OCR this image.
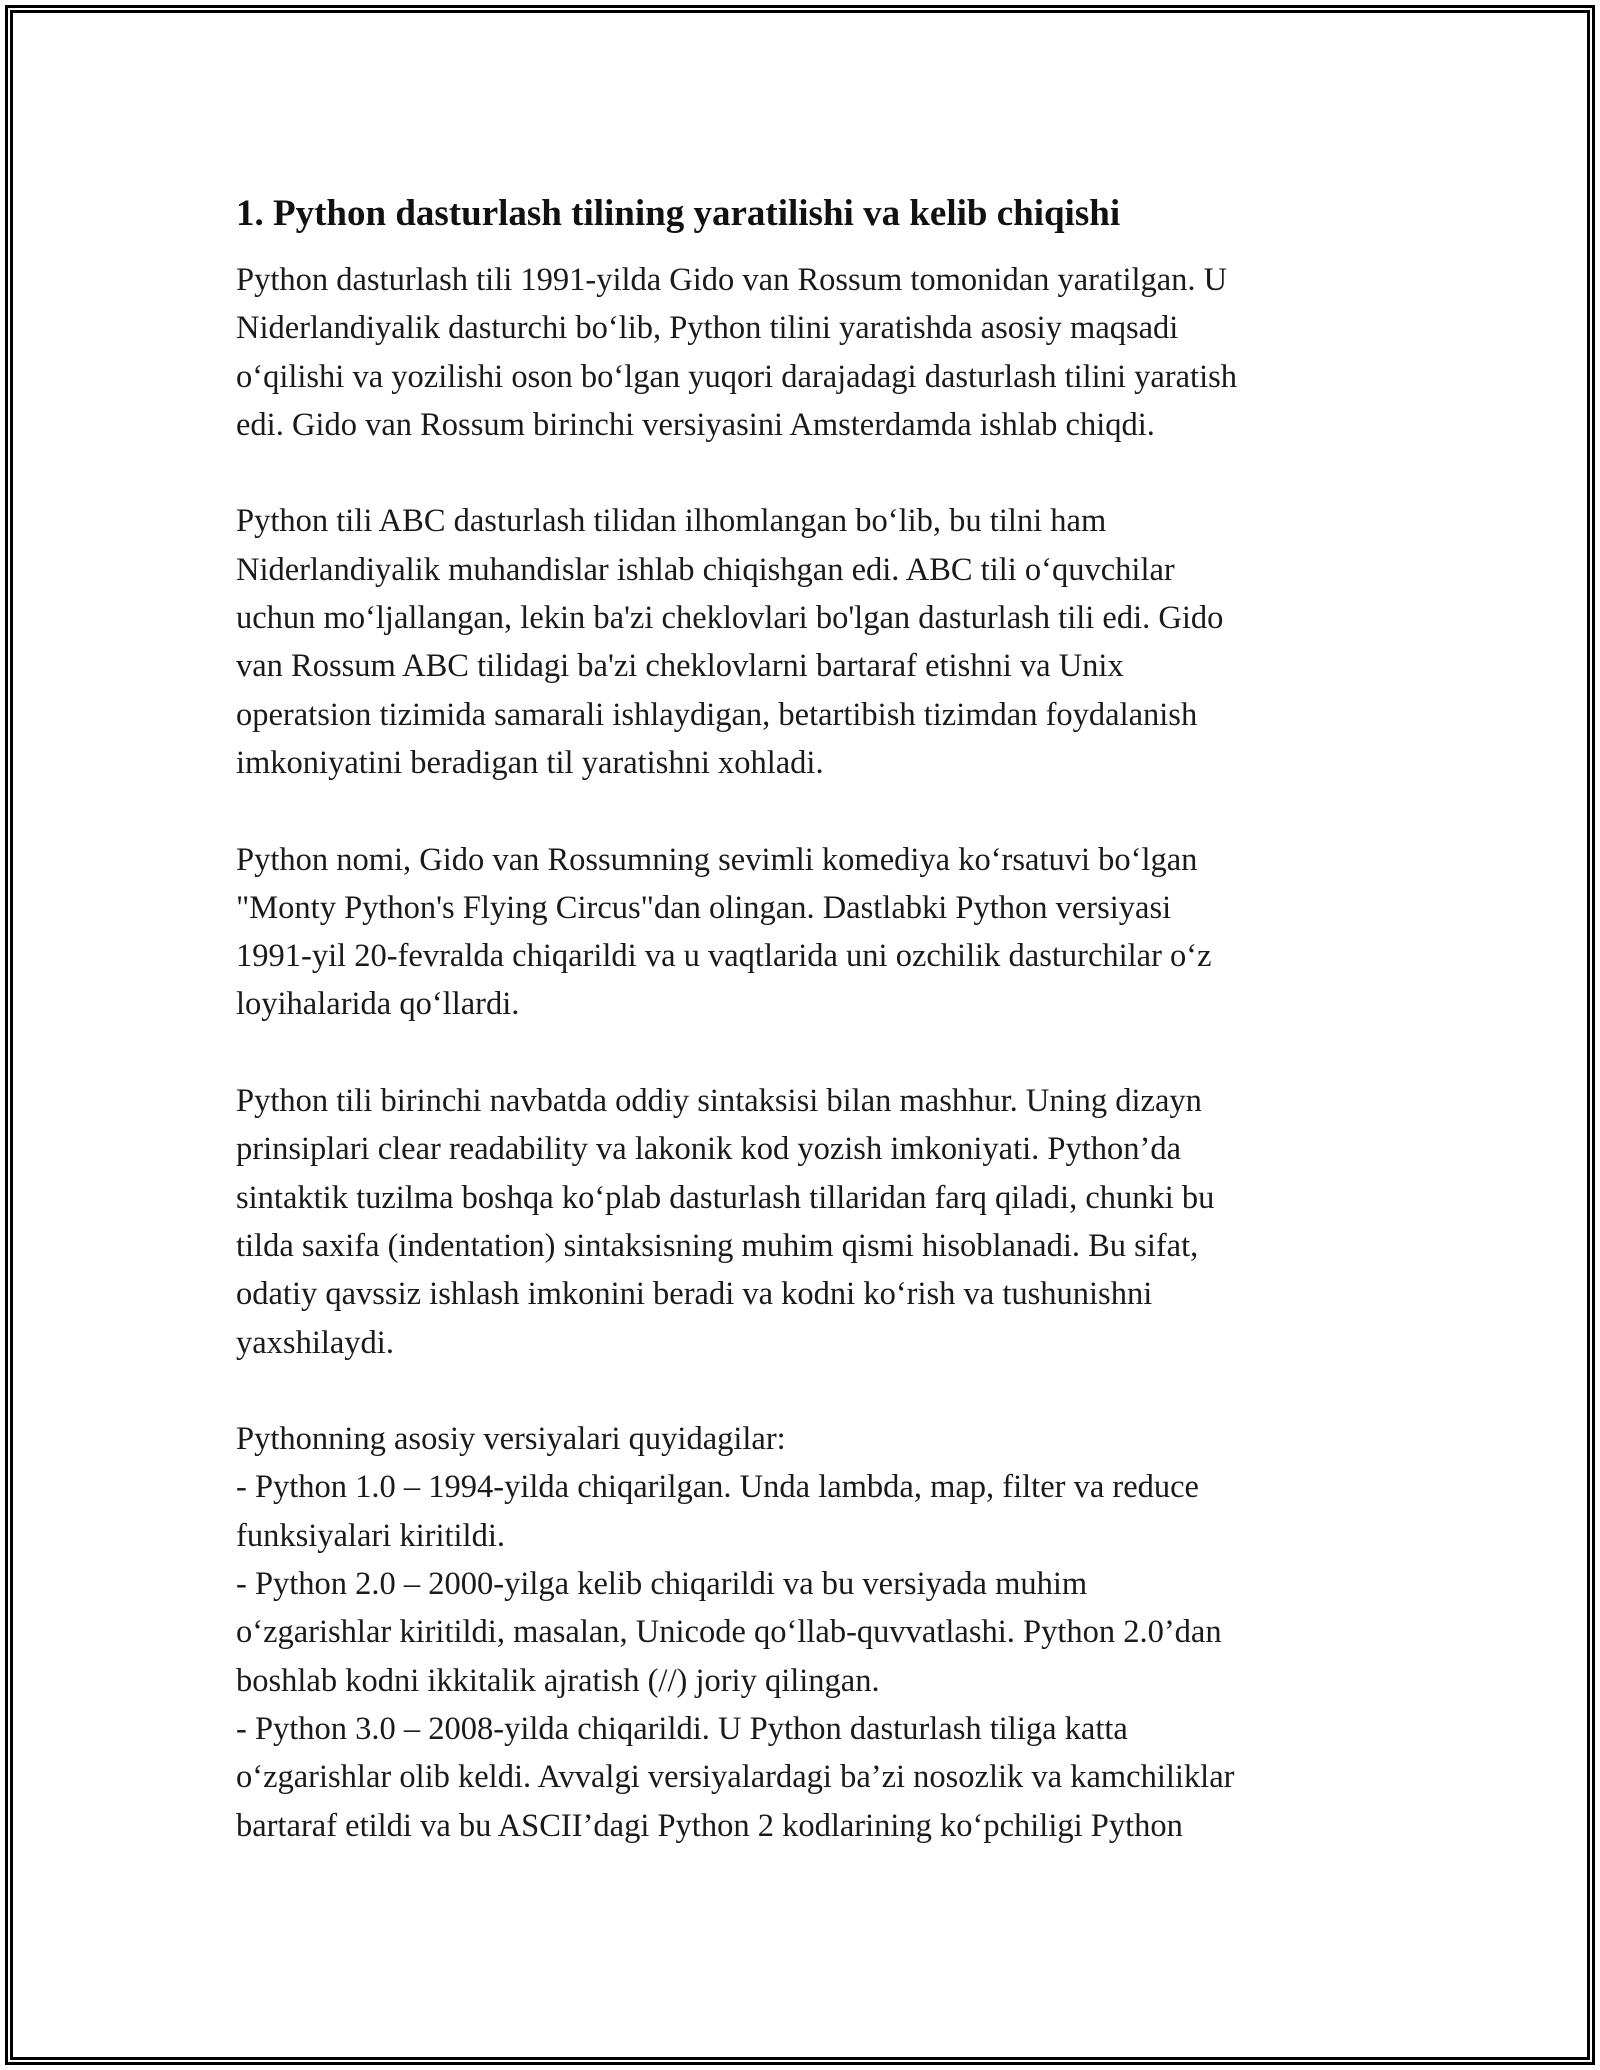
1. Python dasturlash tilining yaratilishi va kelib chiqishi
Python dasturlash tili 1991-yilda Gido van Rossum tomonidan yaratilgan. U
Niderlandiyalik dasturchi bo‘lib, Python tilini yaratishda asosiy maqsadi
o‘qilishi va yozilishi oson bo‘lgan yuqori darajadagi dasturlash tilini yaratish
edi. Gido van Rossum birinchi versiyasini Amsterdamda ishlab chiqdi.
Python tili ABC dasturlash tilidan ilhomlangan bo‘lib, bu tilni ham
Niderlandiyalik muhandislar ishlab chiqishgan edi. ABC tili o‘quvchilar
uchun mo‘ljallangan, lekin ba'zi cheklovlari bo'lgan dasturlash tili edi. Gido
van Rossum ABC tilidagi ba'zi cheklovlarni bartaraf etishni va Unix
operatsion tizimida samarali ishlaydigan, betartibish tizimdan foydalanish
imkoniyatini beradigan til yaratishni xohladi.
Python nomi, Gido van Rossumning sevimli komediya ko‘rsatuvi bo‘lgan
"Monty Python's Flying Circus"dan olingan. Dastlabki Python versiyasi
1991-yil 20-fevralda chiqarildi va u vaqtlarida uni ozchilik dasturchilar o‘z
loyihalarida qo‘llardi.
Python tili birinchi navbatda oddiy sintaksisi bilan mashhur. Uning dizayn
prinsiplari clear readability va lakonik kod yozish imkoniyati. Python’da
sintaktik tuzilma boshqa ko‘plab dasturlash tillaridan farq qiladi, chunki bu
tilda saxifa (indentation) sintaksisning muhim qismi hisoblanadi. Bu sifat,
odatiy qavssiz ishlash imkonini beradi va kodni ko‘rish va tushunishni
yaxshilaydi.
Pythonning asosiy versiyalari quyidagilar:
- Python 1.0 – 1994-yilda chiqarilgan. Unda lambda, map, filter va reduce
funksiyalari kiritildi.
- Python 2.0 – 2000-yilga kelib chiqarildi va bu versiyada muhim
o‘zgarishlar kiritildi, masalan, Unicode qo‘llab-quvvatlashi. Python 2.0’dan
boshlab kodni ikkitalik ajratish (//) joriy qilingan.
- Python 3.0 – 2008-yilda chiqarildi. U Python dasturlash tiliga katta
o‘zgarishlar olib keldi. Avvalgi versiyalardagi ba’zi nosozlik va kamchiliklar
bartaraf etildi va bu ASCII’dagi Python 2 kodlarining ko‘pchiligi Python
